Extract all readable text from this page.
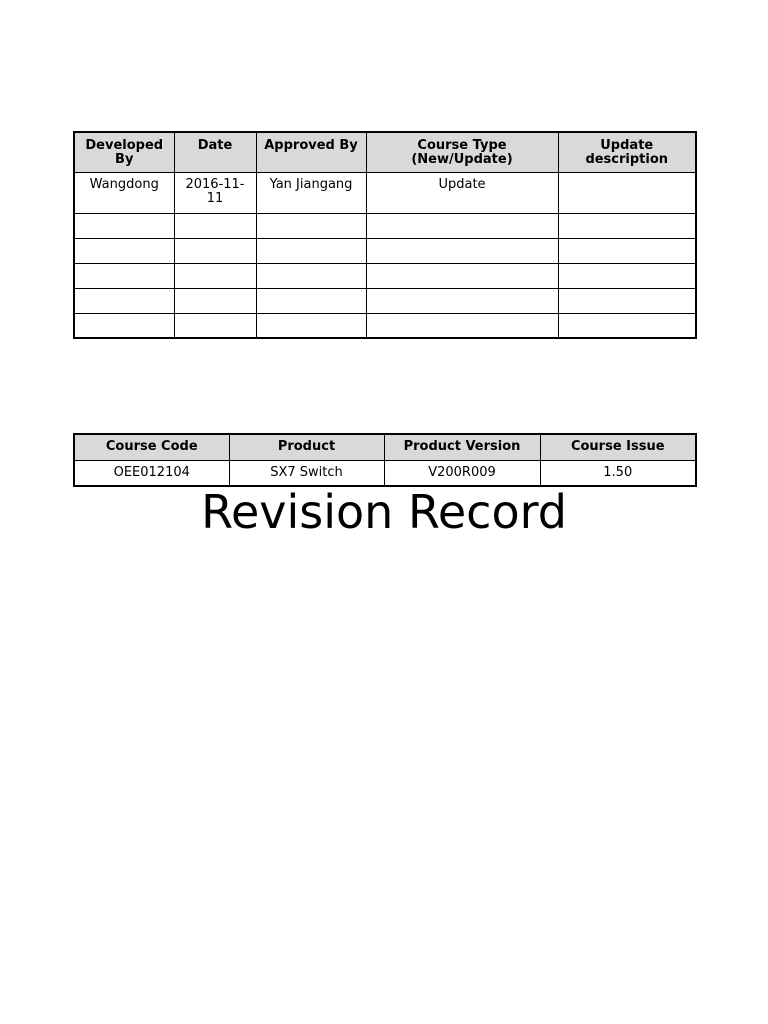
Developed By	Date	Approved By	Course Type (New/Update)	Update description
Wangdong	2016-11-11	Yan Jiangang	Update	

Course Code	Product	Product Version	Course Issue
OEE012104	SX7 Switch	V200R009	1.50
Revision Record
